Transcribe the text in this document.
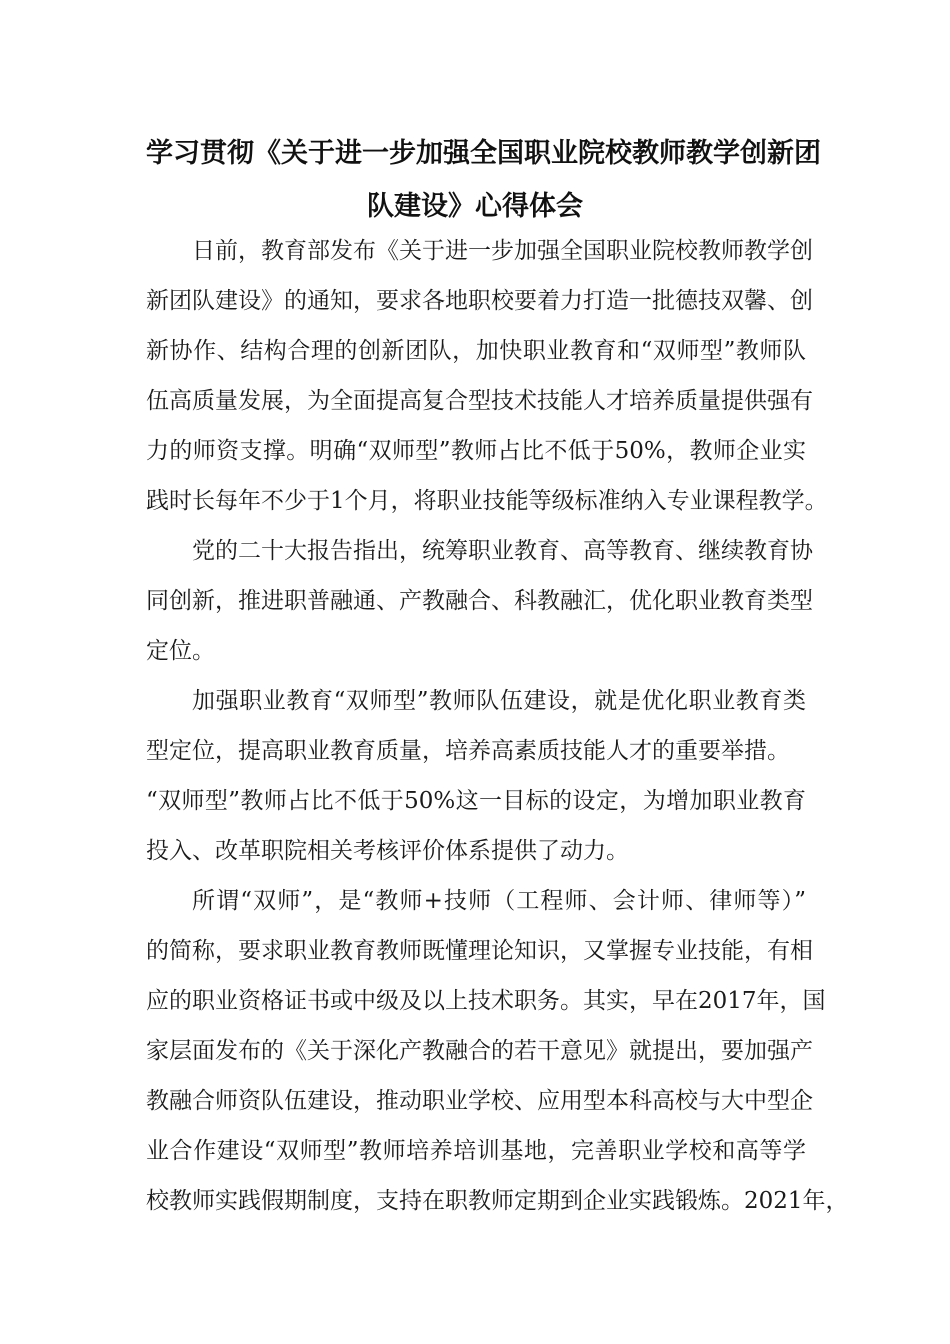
学习贯彻《关于进一步加强全国职业院校教师教学创新团
队建设》心得体会
日前，教育部发布《关于进一步加强全国职业院校教师教学创
新团队建设》的通知，要求各地职校要着力打造一批德技双馨、创
新协作、结构合理的创新团队，加快职业教育和“双师型”教师队
伍高质量发展，为全面提高复合型技术技能人才培养质量提供强有
力的师资支撑。明确“双师型”教师占比不低于50%，教师企业实
践时长每年不少于1个月，将职业技能等级标准纳入专业课程教学。
党的二十大报告指出，统筹职业教育、高等教育、继续教育协
同创新，推进职普融通、产教融合、科教融汇，优化职业教育类型
定位。
加强职业教育“双师型”教师队伍建设，就是优化职业教育类
型定位，提高职业教育质量，培养高素质技能人才的重要举措。
“双师型”教师占比不低于50%这一目标的设定，为增加职业教育
投入、改革职院相关考核评价体系提供了动力。
所谓“双师”，是“教师+技师（工程师、会计师、律师等）”
的简称，要求职业教育教师既懂理论知识，又掌握专业技能，有相
应的职业资格证书或中级及以上技术职务。其实，早在2017年，国
家层面发布的《关于深化产教融合的若干意见》就提出，要加强产
教融合师资队伍建设，推动职业学校、应用型本科高校与大中型企
业合作建设“双师型”教师培养培训基地，完善职业学校和高等学
校教师实践假期制度，支持在职教师定期到企业实践锻炼。2021年，
